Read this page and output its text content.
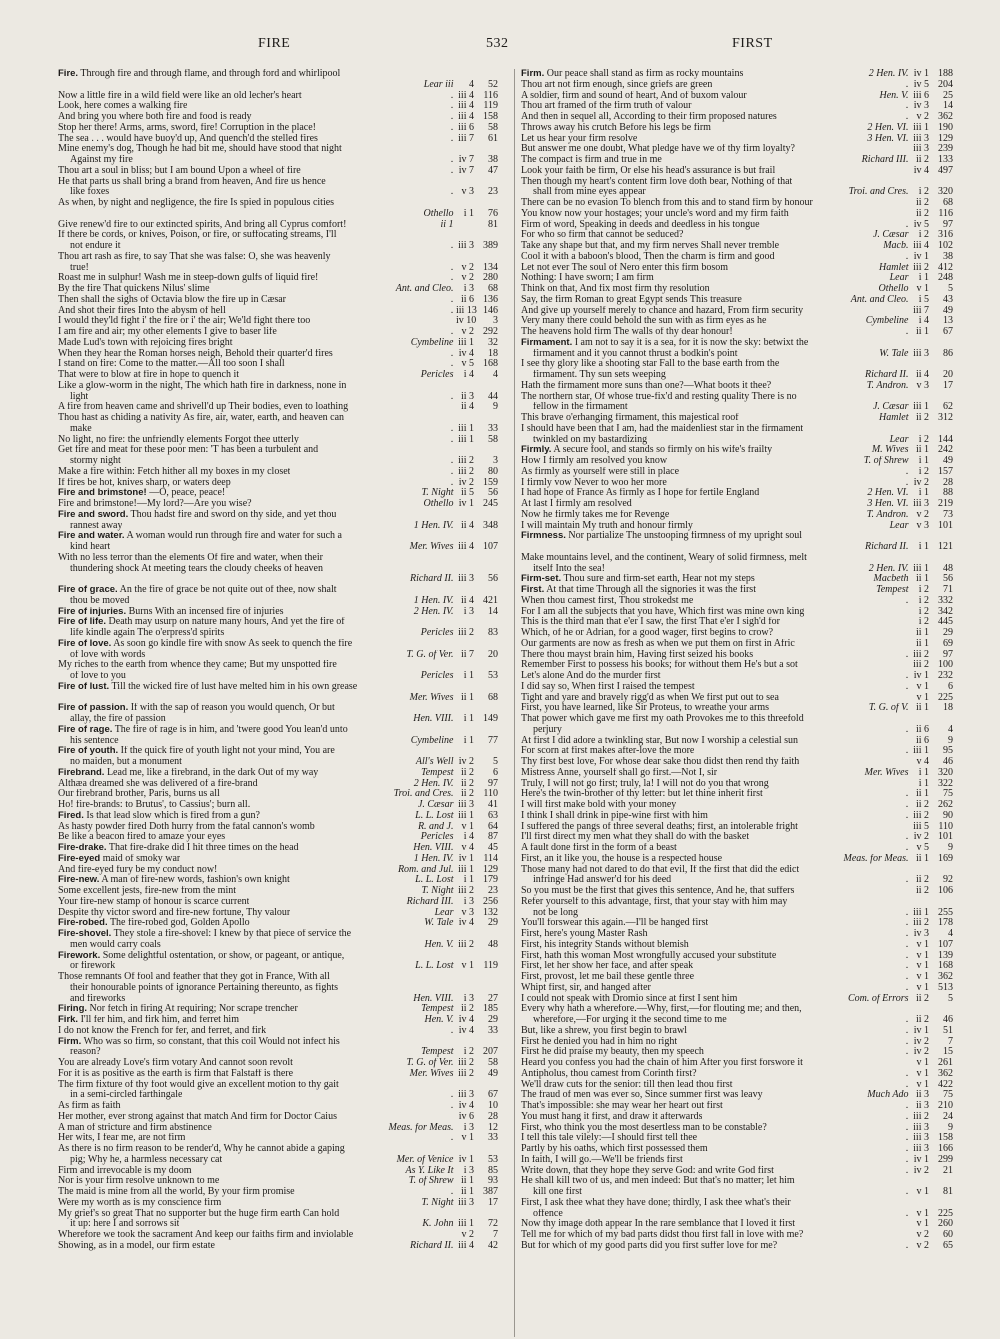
FIRE	532	FIRST
Fire. Through fire and through flame, and through ford and whirlipool
Lear iii 4 52
Now a little fire in a wild field were like an old lecher's heart	. iii 4 116
Look, here comes a walking fire	. iii 4 119
And bring you where both fire and food is ready	. iii 4 158
Stop her there! Arms, arms, sword, fire! Corruption in the place!	. iii 6 58
The sea . . . would have buoy'd up, And quench'd the stelled fires	. iii 7 61
Mine enemy's dog, Though he had bit me, should have stood that night
Against my fire	. iv 7 38
Thou art a soul in bliss; but I am bound Upon a wheel of fire	. iv 7 47
He that parts us shall bring a brand from heaven, And fire us hence
like foxes	. v 3 23
As when, by night and negligence, the fire Is spied in populous cities
Othello i 1 76
Give renew'd fire to our extincted spirits, And bring all Cyprus comfort!	ii 1	81
If there be cords, or knives, Poison, or fire, or suffocating streams, I'll
not endure it	. iii 3 389
Thou art rash as fire, to say That she was false: O, she was heavenly
true!	. v 2 134
Roast me in sulphur! Wash me in steep-down gulfs of liquid fire!	. v 2 280
By the fire That quickens Nilus' slime	Ant. and Cleo. i 3 68
Then shall the sighs of Octavia blow the fire up in Cæsar	. ii 6 136
And shot their fires Into the abysm of hell	. iii 13 146
I would they'ld fight i' the fire or i' the air; We'ld fight there too	iv 10 3
I am fire and air; my other elements I give to baser life	. v 2 292
Made Lud's town with rejoicing fires bright	Cymbeline iii 1 32
When they hear the Roman horses neigh, Behold their quarter'd fires	. iv 4 18
I stand on fire: Come to the matter.—All too soon I shall	. v 5 168
That were to blow at fire in hope to quench it	Pericles i 4 4
Like a glow-worm in the night, The which hath fire in darkness, none in
light	. ii 3 44
A fire from heaven came and shrivell'd up Their bodies, even to loathing	ii 4 9
Thou hast as chiding a nativity As fire, air, water, earth, and heaven can
make	. iii 1 33
No light, no fire: the unfriendly elements Forgot thee utterly	. iii 1 58
Get fire and meat for these poor men: 'T has been a turbulent and
stormy night	. iii 2 3
Make a fire within: Fetch hither all my boxes in my closet	. iii 2 80
If fires be hot, knives sharp, or waters deep	. iv 2 159
Fire and brimstone! —O, peace, peace!	T. Night ii 5 56
Fire and brimstone!—My lord?—Are you wise?	Othello iv 1 245
Fire and sword. Thou hadst fire and sword on thy side, and yet thou
rannest away	1 Hen. IV. ii 4 348
Fire and water. A woman would run through fire and water for such a
kind heart	Mer. Wives iii 4 107
With no less terror than the elements Of fire and water, when their
thundering shock At meeting tears the cloudy cheeks of heaven
Richard II. iii 3 56
Fire of grace. An the fire of grace be not quite out of thee, now shalt
thou be moved	1 Hen. IV. ii 4 421
Fire of injuries. Burns With an incensed fire of injuries	2 Hen. IV. i 3 14
Fire of life. Death may usurp on nature many hours, And yet the fire of
life kindle again The o'erpress'd spirits	Pericles iii 2 83
Fire of love. As soon go kindle fire with snow As seek to quench the fire
of love with words	T. G. of Ver. ii 7 20
My riches to the earth from whence they came; But my unspotted fire
of love to you	Pericles i 1 53
Fire of lust. Till the wicked fire of lust have melted him in his own grease
Mer. Wives ii 1 68
Fire of passion. If with the sap of reason you would quench, Or but
allay, the fire of passion	Hen. VIII. i 1 149
Fire of rage. The fire of rage is in him, and 'twere good You lean'd unto
his sentence	Cymbeline i 1 77
Fire of youth. If the quick fire of youth light not your mind, You are
no maiden, but a monument	All's Well iv 2 5
Firebrand. Lead me, like a firebrand, in the dark Out of my way	Tempest ii 2 6
Althæa dreamed she was delivered of a fire-brand	2 Hen. IV. ii 2 97
Our firebrand brother, Paris, burns us all	Troi. and Cres. ii 2 110
Ho! fire-brands: to Brutus', to Cassius'; burn all.	J. Cæsar iii 3 41
Fired. Is that lead slow which is fired from a gun?	L. L. Lost iii 1 63
As hasty powder fired Doth hurry from the fatal cannon's womb	R. and J. v 1 64
Be like a beacon fired to amaze your eyes	Pericles i 4 87
Fire-drake. That fire-drake did I hit three times on the head	Hen. VIII. v 4 45
Fire-eyed maid of smoky war	1 Hen. IV. iv 1 114
And fire-eyed fury be my conduct now!	Rom. and Jul. iii 1 129
Fire-new. A man of fire-new words, fashion's own knight	L. L. Lost i 1 179
Some excellent jests, fire-new from the mint	T. Night iii 2 23
Your fire-new stamp of honour is scarce current	Richard III. i 3 256
Despite thy victor sword and fire-new fortune, Thy valour	Lear v 3 132
Fire-robed. The fire-robed god, Golden Apollo	W. Tale iv 4 29
Fire-shovel. They stole a fire-shovel: I knew by that piece of service the
men would carry coals	Hen. V. iii 2 48
Firework. Some delightful ostentation, or show, or pageant, or antique,
or firework	L. L. Lost v 1 119
Those remnants Of fool and feather that they got in France, With all
their honourable points of ignorance Pertaining thereunto, as fights
and fireworks	Hen. VIII. i 3 27
Firing. Nor fetch in firing At requiring; Nor scrape trencher	Tempest ii 2 185
Firk. I'll fer him, and firk him, and ferret him	Hen. V. iv 4 29
I do not know the French for fer, and ferret, and firk	. iv 4 33
Firm. Who was so firm, so constant, that this coil Would not infect his
reason?	Tempest i 2 207
You are already Love's firm votary And cannot soon revolt	T. G. of Ver. iii 2 58
For it is as positive as the earth is firm that Falstaff is there	Mer. Wives iii 2 49
The firm fixture of thy foot would give an excellent motion to thy gait
in a semi-circled farthingale	. iii 3 67
As firm as faith	. iv 4 10
Her mother, ever strong against that match And firm for Doctor Caius	iv 6 28
A man of stricture and firm abstinence	Meas. for Meas. i 3 12
Her wits, I fear me, are not firm	. v 1 33
As there is no firm reason to be render'd, Why he cannot abide a gaping
pig; Why he, a harmless necessary cat	Mer. of Venice iv 1 53
Firm and irrevocable is my doom	As Y. Like It i 3 85
Nor is your firm resolve unknown to me	T. of Shrew ii 1 93
The maid is mine from all the world, By your firm promise	. ii 1 387
Were my worth as is my conscience firm	T. Night iii 3 17
My grief's so great That no supporter but the huge firm earth Can hold
it up: here I and sorrows sit	K. John iii 1 72
Wherefore we took the sacrament And keep our faiths firm and inviolable	v 2 7
Showing, as in a model, our firm estate	Richard II. iii 4 42
Firm. Our peace shall stand as firm as rocky mountains	2 Hen. IV. iv 1 188
Thou art not firm enough, since griefs are green	. iv 5 204
A soldier, firm and sound of heart, And of buxom valour	Hen. V. iii 6 25
Thou art framed of the firm truth of valour	. iv 3 14
And then in sequel all, According to their firm proposed natures	. v 2 362
Throws away his crutch Before his legs be firm	2 Hen. VI. iii 1 190
Let us hear your firm resolve	3 Hen. VI. iii 3 129
But answer me one doubt, What pledge have we of thy firm loyalty?	iii 3 239
The compact is firm and true in me	Richard III. ii 2 133
Look your faith be firm, Or else his head's assurance is but frail	iv 4 497
Then though my heart's content firm love doth bear, Nothing of that
shall from mine eyes appear	Troi. and Cres. i 2 320
There can be no evasion To blench from this and to stand firm by honour	ii 2 68
You know now your hostages; your uncle's word and my firm faith	ii 2 116
Firm of word, Speaking in deeds and deedless in his tongue	. iv 5 97
For who so firm that cannot be seduced?	J. Cæsar i 2 316
Take any shape but that, and my firm nerves Shall never tremble	Macb. iii 4 102
Cool it with a baboon's blood, Then the charm is firm and good	. iv 1 38
Let not ever The soul of Nero enter this firm bosom	Hamlet iii 2 412
Nothing: I have sworn; I am firm	Lear i 1 248
Think on that, And fix most firm thy resolution	Othello v 1 5
Say, the firm Roman to great Egypt sends This treasure	Ant. and Cleo. i 5 43
And give up yourself merely to chance and hazard, From firm security	iii 7 49
Very many there could behold the sun with as firm eyes as he	Cymbeline i 4 13
The heavens hold firm The walls of thy dear honour!	. ii 1 67
Firmament. I am not to say it is a sea, for it is now the sky: betwixt the
firmament and it you cannot thrust a bodkin's point	W. Tale iii 3 86
I see thy glory like a shooting star Fall to the base earth from the
firmament. Thy sun sets weeping	Richard II. ii 4 20
Hath the firmament more suns than one?—What boots it thee?	T. Andron. v 3 17
The northern star, Of whose true-fix'd and resting quality There is no
fellow in the firmament	J. Cæsar iii 1 62
This brave o'erhanging firmament, this majestical roof	Hamlet ii 2 312
I should have been that I am, had the maidenliest star in the firmament
twinkled on my bastardizing	Lear i 2 144
Firmly. A secure fool, and stands so firmly on his wife's frailty	M. Wives ii 1 242
How I firmly am resolved you know	T. of Shrew i 1 49
As firmly as yourself were still in place	. i 2 157
I firmly vow Never to woo her more	. iv 2 28
I had hope of France As firmly as I hope for fertile England	2 Hen. VI. i 1 88
At last I firmly am resolved	3 Hen. VI. iii 3 219
Now he firmly takes me for Revenge	T. Andron. v 2 73
I will maintain My truth and honour firmly	Lear v 3 101
Firmness. Nor partialize The unstooping firmness of my upright soul
Richard II. i 1 121
Make mountains level, and the continent, Weary of solid firmness, melt
itself Into the sea!	2 Hen. IV. iii 1 48
Firm-set. Thou sure and firm-set earth, Hear not my steps	Macbeth ii 1 56
First. At that time Through all the signories it was the first	Tempest i 2 71
When thou camest first, Thou strokedst me	. i 2 332
For I am all the subjects that you have, Which first was mine own king	i 2 342
This is the third man that e'er I saw, the first That e'er I sigh'd for	i 2 445
Which, of he or Adrian, for a good wager, first begins to crow?	ii 1 29
Our garments are now as fresh as when we put them on first in Afric	ii 1 69
There thou mayst brain him, Having first seized his books	. iii 2 97
Remember First to possess his books; for without them He's but a sot	iii 2 100
Let's alone And do the murder first	. iv 1 232
I did say so, When first I raised the tempest	. v 1 6
Tight and yare and bravely rigg'd as when We first put out to sea	v 1 225
First, you have learned, like Sir Proteus, to wreathe your arms	T. G. of V. ii 1 18
That power which gave me first my oath Provokes me to this threefold
perjury	. ii 6 4
At first I did adore a twinkling star, But now I worship a celestial sun	ii 6 9
For scorn at first makes after-love the more	. iii 1 95
Thy first best love, For whose dear sake thou didst then rend thy faith	v 4 46
Mistress Anne, yourself shall go first.—Not I, sir	Mer. Wives i 1 320
Truly, I will not go first; truly, la! I will not do you that wrong	i 1 322
Here's the twin-brother of thy letter: but let thine inherit first	. ii 1 75
I will first make bold with your money	. ii 2 262
I think I shall drink in pipe-wine first with him	. iii 2 90
I suffered the pangs of three several deaths; first, an intolerable fright	iii 5 110
I'll first direct my men what they shall do with the basket	. iv 2 101
A fault done first in the form of a beast	. v 5 9
First, an it like you, the house is a respected house	Meas. for Meas. ii 1 169
Those many had not dared to do that evil, If the first that did the edict
infringe Had answer'd for his deed	. ii 2 92
So you must be the first that gives this sentence, And he, that suffers	ii 2 106
Refer yourself to this advantage, first, that your stay with him may
not be long	. iii 1 255
You'll forswear this again.—I'll be hanged first	. iii 2 178
First, here's young Master Rash	. iv 3 4
First, his integrity Stands without blemish	. v 1 107
First, hath this woman Most wrongfully accused your substitute	. v 1 139
First, let her show her face, and after speak	. v 1 168
First, provost, let me bail these gentle three	. v 1 362
Whipt first, sir, and hanged after	. v 1 513
I could not speak with Dromio since at first I sent him	Com. of Errors ii 2 5
Every why hath a wherefore.—Why, first,—for flouting me; and then,
wherefore,—For urging it the second time to me	. ii 2 46
But, like a shrew, you first begin to brawl	. iv 1 51
First he denied you had in him no right	. iv 2 7
First he did praise my beauty, then my speech	. iv 2 15
Heard you confess you had the chain of him After you first forswore it	v 1 261
Antipholus, thou camest from Corinth first?	. v 1 362
We'll draw cuts for the senior: till then lead thou first	. v 1 422
The fraud of men was ever so, Since summer first was leavy	Much Ado ii 3 75
That's impossible: she may wear her heart out first	. ii 3 210
You must hang it first, and draw it afterwards	. iii 2 24
First, who think you the most desertless man to be constable?	. iii 3 9
I tell this tale vilely:—I should first tell thee	. iii 3 158
Partly by his oaths, which first possessed them	. iii 3 166
In faith, I will go.—We'll be friends first	. iv 1 299
Write down, that they hope they serve God: and write God first	. iv 2 21
He shall kill two of us, and men indeed: But that's no matter; let him
kill one first	. v 1 81
First, I ask thee what they have done; thirdly, I ask thee what's their
offence	. v 1 225
Now thy image doth appear In the rare semblance that I loved it first	v 1 260
Tell me for which of my bad parts didst thou first fall in love with me?	v 2 60
But for which of my good parts did you first suffer love for me?	. v 2 65
